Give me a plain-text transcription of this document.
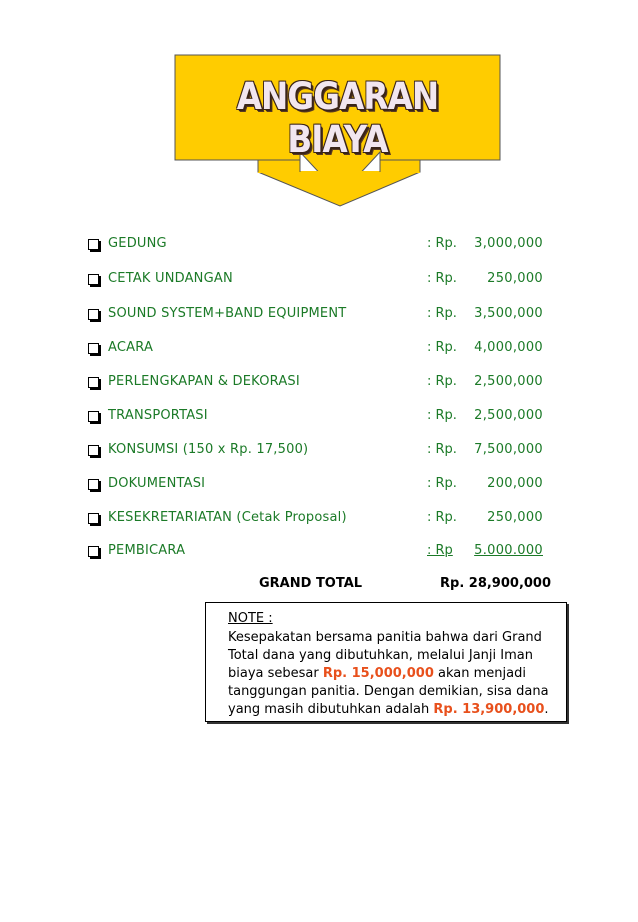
ANGGARAN BIAYA
GEDUNG	: Rp.	3,000,000
CETAK UNDANGAN	: Rp.	250,000
SOUND SYSTEM+BAND EQUIPMENT	: Rp.	3,500,000
ACARA	: Rp.	4,000,000
PERLENGKAPAN & DEKORASI	: Rp.	2,500,000
TRANSPORTASI	: Rp.	2,500,000
KONSUMSI (150 x Rp. 17,500)	: Rp.	7,500,000
DOKUMENTASI	: Rp.	200,000
KESEKRETARIATAN (Cetak Proposal)	: Rp.	250,000
PEMBICARA	: Rp	5.000.000
GRAND TOTAL	Rp. 28,900,000
NOTE :
Kesepakatan bersama panitia bahwa dari Grand
Total dana yang dibutuhkan, melalui Janji Iman
biaya sebesar Rp. 15,000,000 akan menjadi
tanggungan panitia. Dengan demikian, sisa dana
yang masih dibutuhkan adalah Rp. 13,900,000.
